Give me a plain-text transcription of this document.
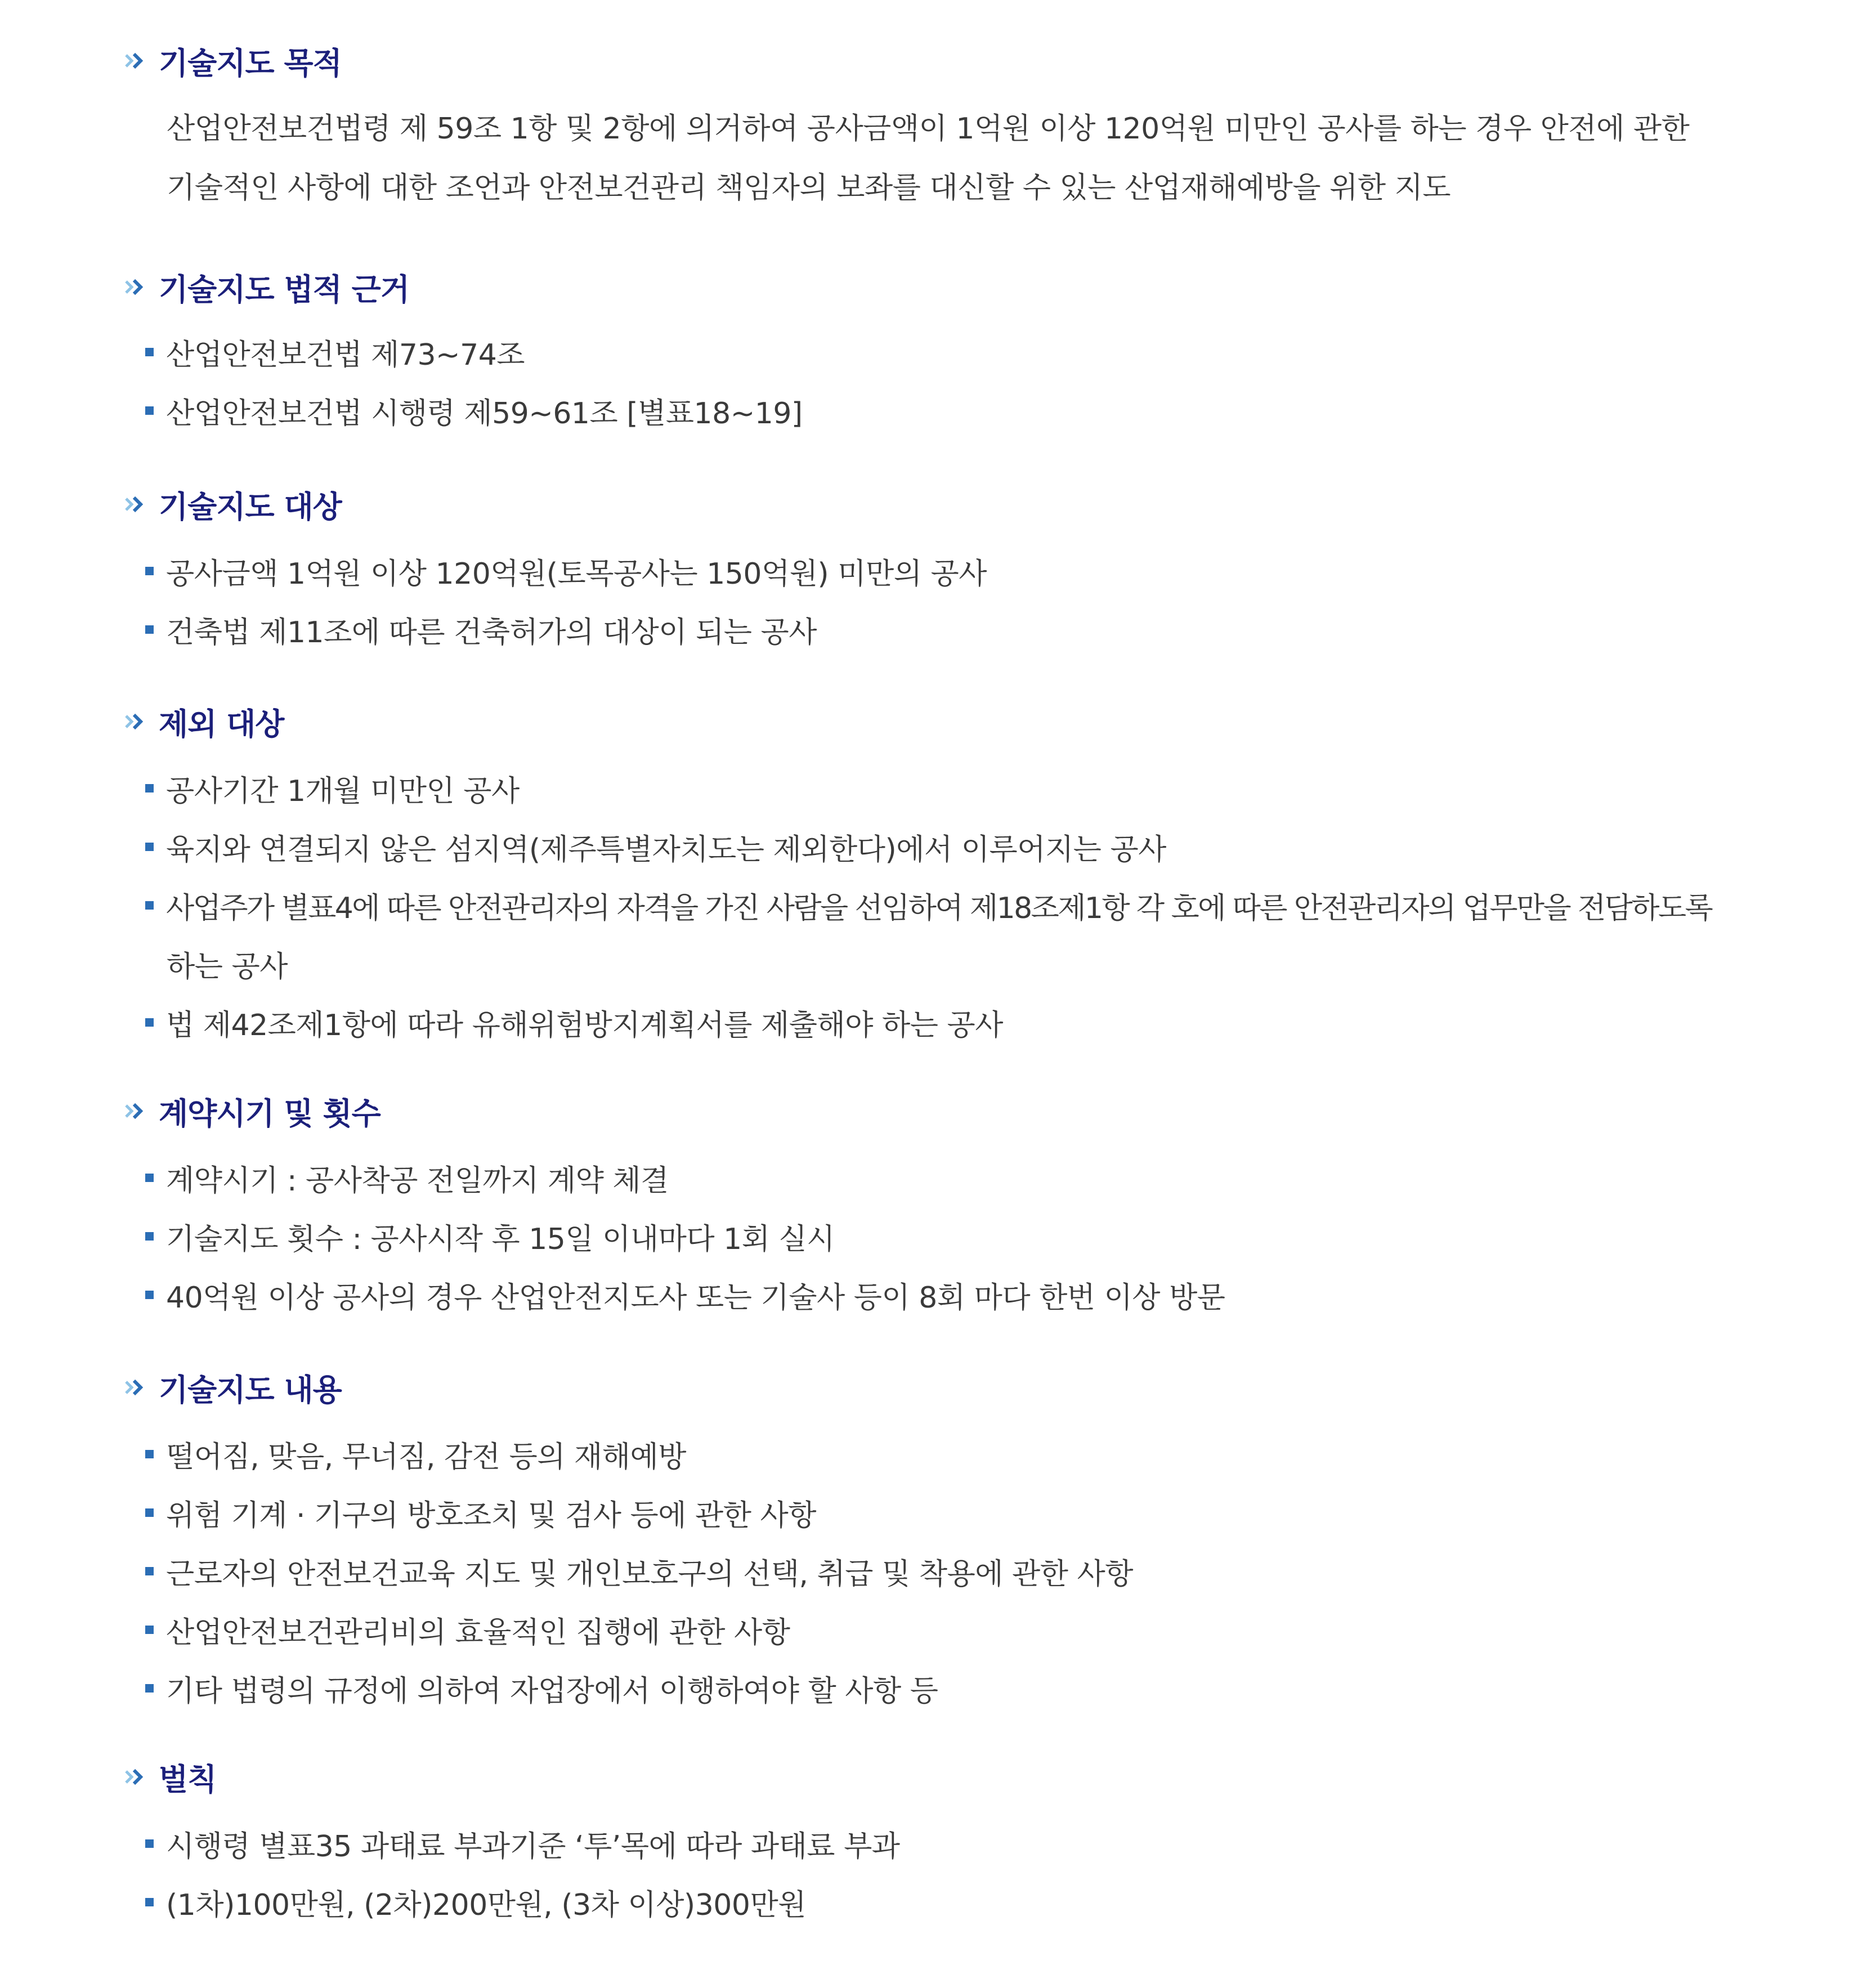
기술지도 목적
산업안전보건법령 제 59조 1항 및 2항에 의거하여 공사금액이 1억원 이상 120억원 미만인 공사를 하는 경우 안전에 관한
기술적인 사항에 대한 조언과 안전보건관리 책임자의 보좌를 대신할 수 있는 산업재해예방을 위한 지도
기술지도 법적 근거
산업안전보건법 제73~74조
산업안전보건법 시행령 제59~61조 [별표18~19]
기술지도 대상
공사금액 1억원 이상 120억원(토목공사는 150억원) 미만의 공사
건축법 제11조에 따른 건축허가의 대상이 되는 공사
제외 대상
공사기간 1개월 미만인 공사
육지와 연결되지 않은 섬지역(제주특별자치도는 제외한다)에서 이루어지는 공사
사업주가 별표4에 따른 안전관리자의 자격을 가진 사람을 선임하여 제18조제1항 각 호에 따른 안전관리자의 업무만을 전담하도록
하는 공사
법 제42조제1항에 따라 유해위험방지계획서를 제출해야 하는 공사
계약시기 및 횟수
계약시기 : 공사착공 전일까지 계약 체결
기술지도 횟수 : 공사시작 후 15일 이내마다 1회 실시
40억원 이상 공사의 경우 산업안전지도사 또는 기술사 등이 8회 마다 한번 이상 방문
기술지도 내용
떨어짐, 맞음, 무너짐, 감전 등의 재해예방
위험 기계 · 기구의 방호조치 및 검사 등에 관한 사항
근로자의 안전보건교육 지도 및 개인보호구의 선택, 취급 및 착용에 관한 사항
산업안전보건관리비의 효율적인 집행에 관한 사항
기타 법령의 규정에 의하여 자업장에서 이행하여야 할 사항 등
벌칙
시행령 별표35 과태료 부과기준 ‘투’목에 따라 과태료 부과
(1차)100만원, (2차)200만원, (3차 이상)300만원
